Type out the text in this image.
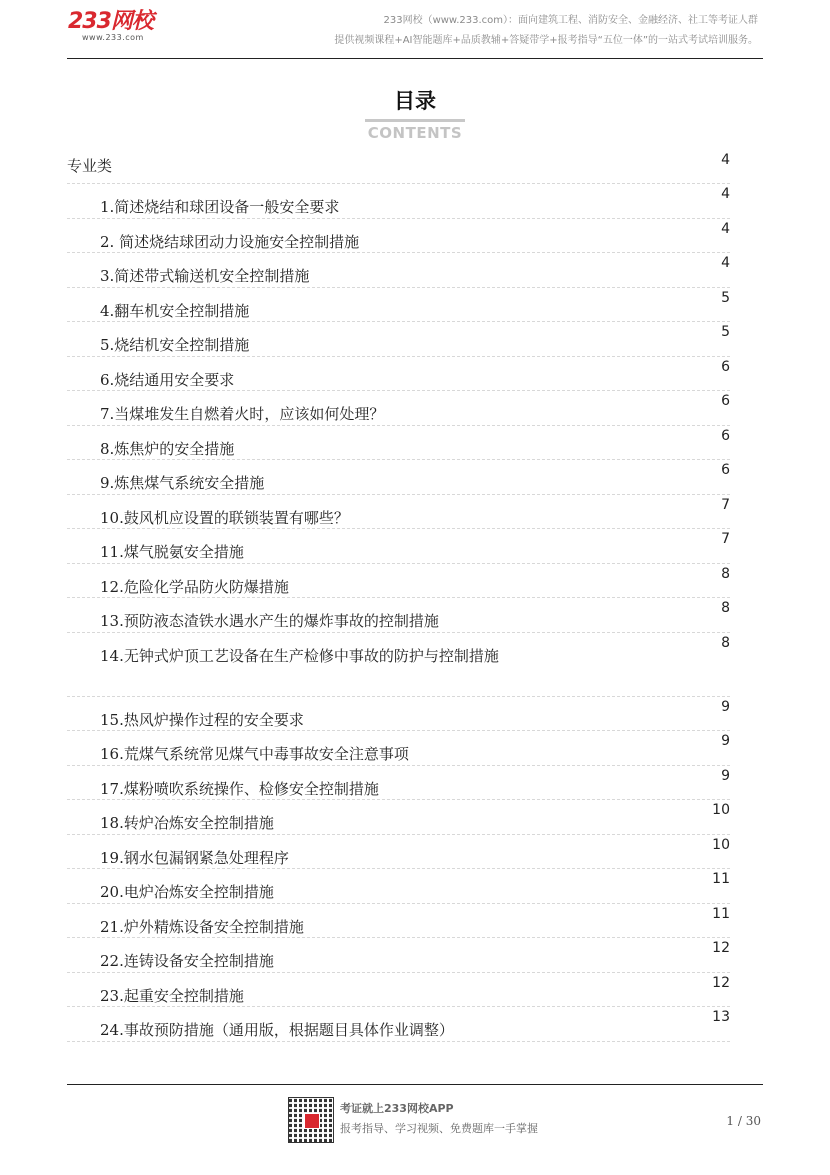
233网校
www.233.com
233网校（www.233.com）：面向建筑工程、消防安全、金融经济、社工等考证人群
提供视频课程+AI智能题库+品质教辅+答疑带学+报考指导“五位一体”的一站式考试培训服务。
目录
CONTENTS
专业类	4
1.简述烧结和球团设备一般安全要求
4
2. 简述烧结球团动力设施安全控制措施
4
3.简述带式输送机安全控制措施
4
4.翻车机安全控制措施
5
5.烧结机安全控制措施
5
6.烧结通用安全要求
6
7.当煤堆发生自燃着火时，应该如何处理？
6
8.炼焦炉的安全措施
6
9.炼焦煤气系统安全措施
6
10.鼓风机应设置的联锁装置有哪些？
7
11.煤气脱氨安全措施
7
12.危险化学品防火防爆措施
8
13.预防液态渣铁水遇水产生的爆炸事故的控制措施
8
14.无钟式炉顶工艺设备在生产检修中事故的防护与控制措施
8
15.热风炉操作过程的安全要求
9
16.荒煤气系统常见煤气中毒事故安全注意事项
9
17.煤粉喷吹系统操作、检修安全控制措施
9
18.转炉冶炼安全控制措施
10
19.钢水包漏钢紧急处理程序
10
20.电炉冶炼安全控制措施
11
21.炉外精炼设备安全控制措施
11
22.连铸设备安全控制措施
12
23.起重安全控制措施
12
24.事故预防措施（通用版，根据题目具体作业调整）
13
考证就上233网校APP
报考指导、学习视频、免费题库一手掌握
1 / 30
